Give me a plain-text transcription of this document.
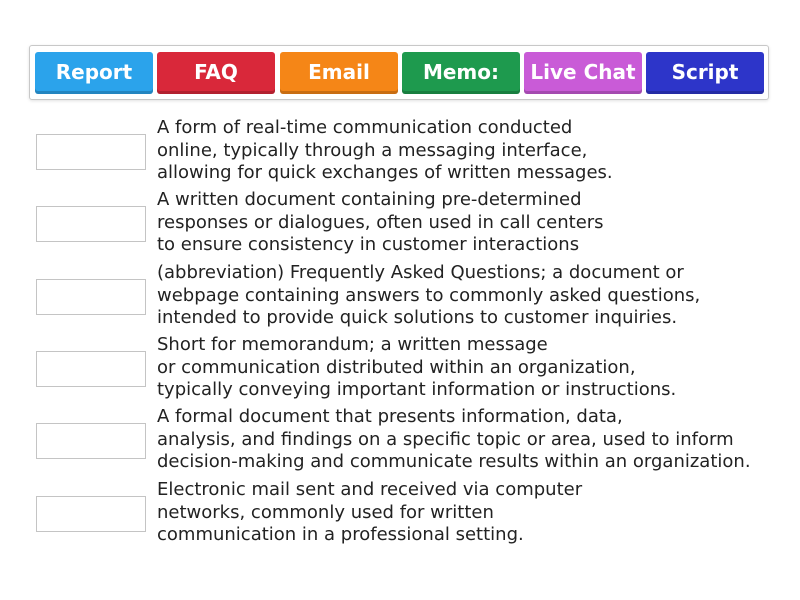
Report	FAQ	Email	Memo:	Live Chat	Script
A form of real-time communication conducted
online, typically through a messaging interface,
allowing for quick exchanges of written messages.
A written document containing pre-determined
responses or dialogues, often used in call centers
to ensure consistency in customer interactions
(abbreviation) Frequently Asked Questions; a document or
webpage containing answers to commonly asked questions,
intended to provide quick solutions to customer inquiries.
Short for memorandum; a written message
or communication distributed within an organization,
typically conveying important information or instructions.
A formal document that presents information, data,
analysis, and findings on a specific topic or area, used to inform
decision-making and communicate results within an organization.
Electronic mail sent and received via computer
networks, commonly used for written
communication in a professional setting.
